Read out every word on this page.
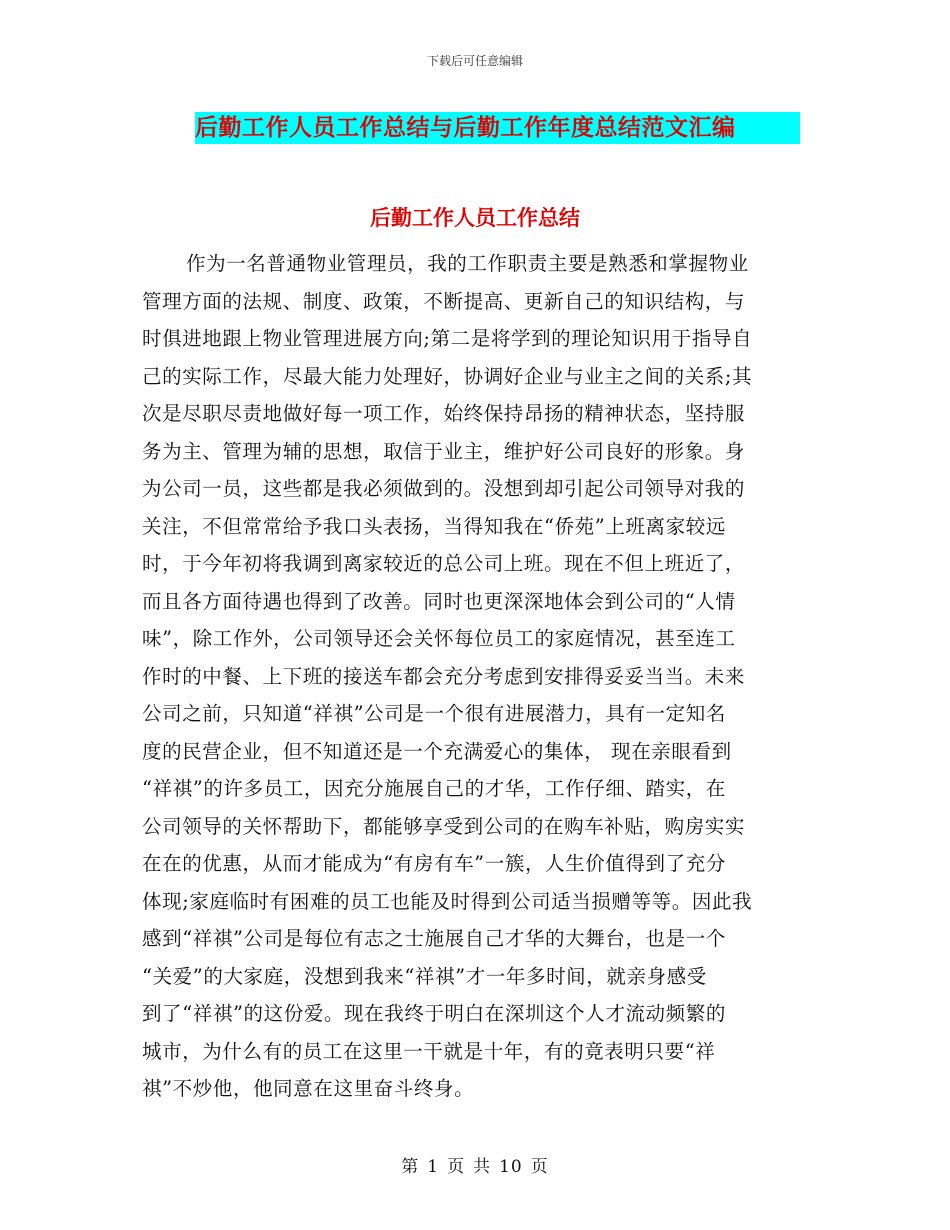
下载后可任意编辑
后勤工作人员工作总结与后勤工作年度总结范文汇编
后勤工作人员工作总结
作为一名普通物业管理员，我的工作职责主要是熟悉和掌握物业
管理方面的法规、制度、政策，不断提高、更新自己的知识结构，与
时俱进地跟上物业管理进展方向;第二是将学到的理论知识用于指导自
己的实际工作，尽最大能力处理好，协调好企业与业主之间的关系;其
次是尽职尽责地做好每一项工作，始终保持昂扬的精神状态，坚持服
务为主、管理为辅的思想，取信于业主，维护好公司良好的形象。身
为公司一员，这些都是我必须做到的。没想到却引起公司领导对我的
关注，不但常常给予我口头表扬，当得知我在“侨苑”上班离家较远
时，于今年初将我调到离家较近的总公司上班。现在不但上班近了，
而且各方面待遇也得到了改善。同时也更深深地体会到公司的“人情
味”，除工作外，公司领导还会关怀每位员工的家庭情况，甚至连工
作时的中餐、上下班的接送车都会充分考虑到安排得妥妥当当。未来
公司之前，只知道“祥祺”公司是一个很有进展潜力，具有一定知名
度的民营企业，但不知道还是一个充满爱心的集体， 现在亲眼看到
“祥祺”的许多员工，因充分施展自己的才华，工作仔细、踏实，在
公司领导的关怀帮助下，都能够享受到公司的在购车补贴，购房实实
在在的优惠，从而才能成为“有房有车”一簇，人生价值得到了充分
体现;家庭临时有困难的员工也能及时得到公司适当损赠等等。因此我
感到“祥祺”公司是每位有志之士施展自己才华的大舞台，也是一个
“关爱”的大家庭，没想到我来“祥祺”才一年多时间，就亲身感受
到了“祥祺”的这份爱。现在我终于明白在深圳这个人才流动频繁的
城市，为什么有的员工在这里一干就是十年，有的竟表明只要“祥
祺”不炒他，他同意在这里奋斗终身。
第 1 页 共 10 页
